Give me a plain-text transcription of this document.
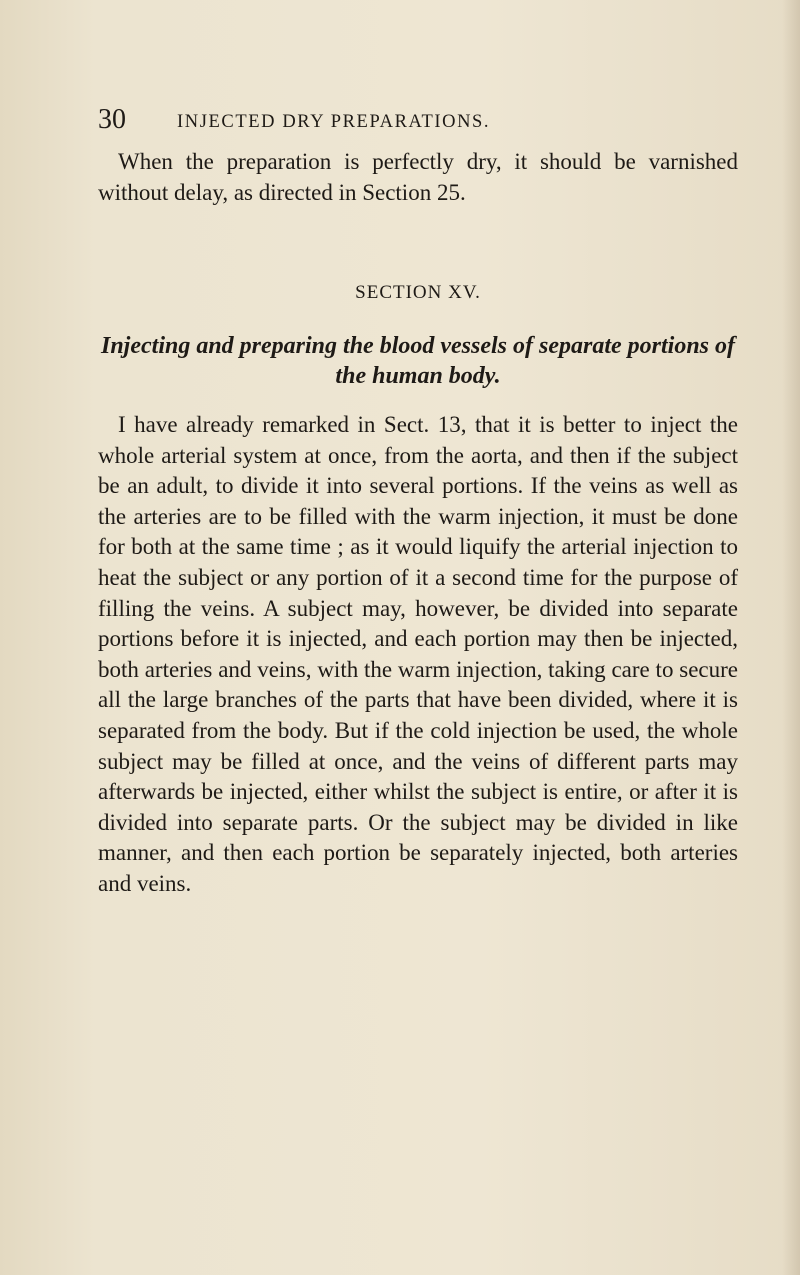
30	INJECTED DRY PREPARATIONS.

When the preparation is perfectly dry, it should be varnished without delay, as directed in Section 25.

SECTION XV.
Injecting and preparing the blood vessels of separate portions of the human body.

I have already remarked in Sect. 13, that it is better to inject the whole arterial system at once, from the aorta, and then if the subject be an adult, to divide it into several portions. If the veins as well as the arteries are to be filled with the warm injection, it must be done for both at the same time ; as it would liquify the arterial injection to heat the subject or any portion of it a second time for the purpose of filling the veins. A subject may, however, be divided into separate portions before it is injected, and each portion may then be injected, both arteries and veins, with the warm injection, taking care to secure all the large branches of the parts that have been divided, where it is separated from the body. But if the cold injection be used, the whole subject may be filled at once, and the veins of different parts may afterwards be injected, either whilst the subject is entire, or after it is divided into separate parts. Or the subject may be divided in like manner, and then each portion be separately injected, both arteries and veins.
